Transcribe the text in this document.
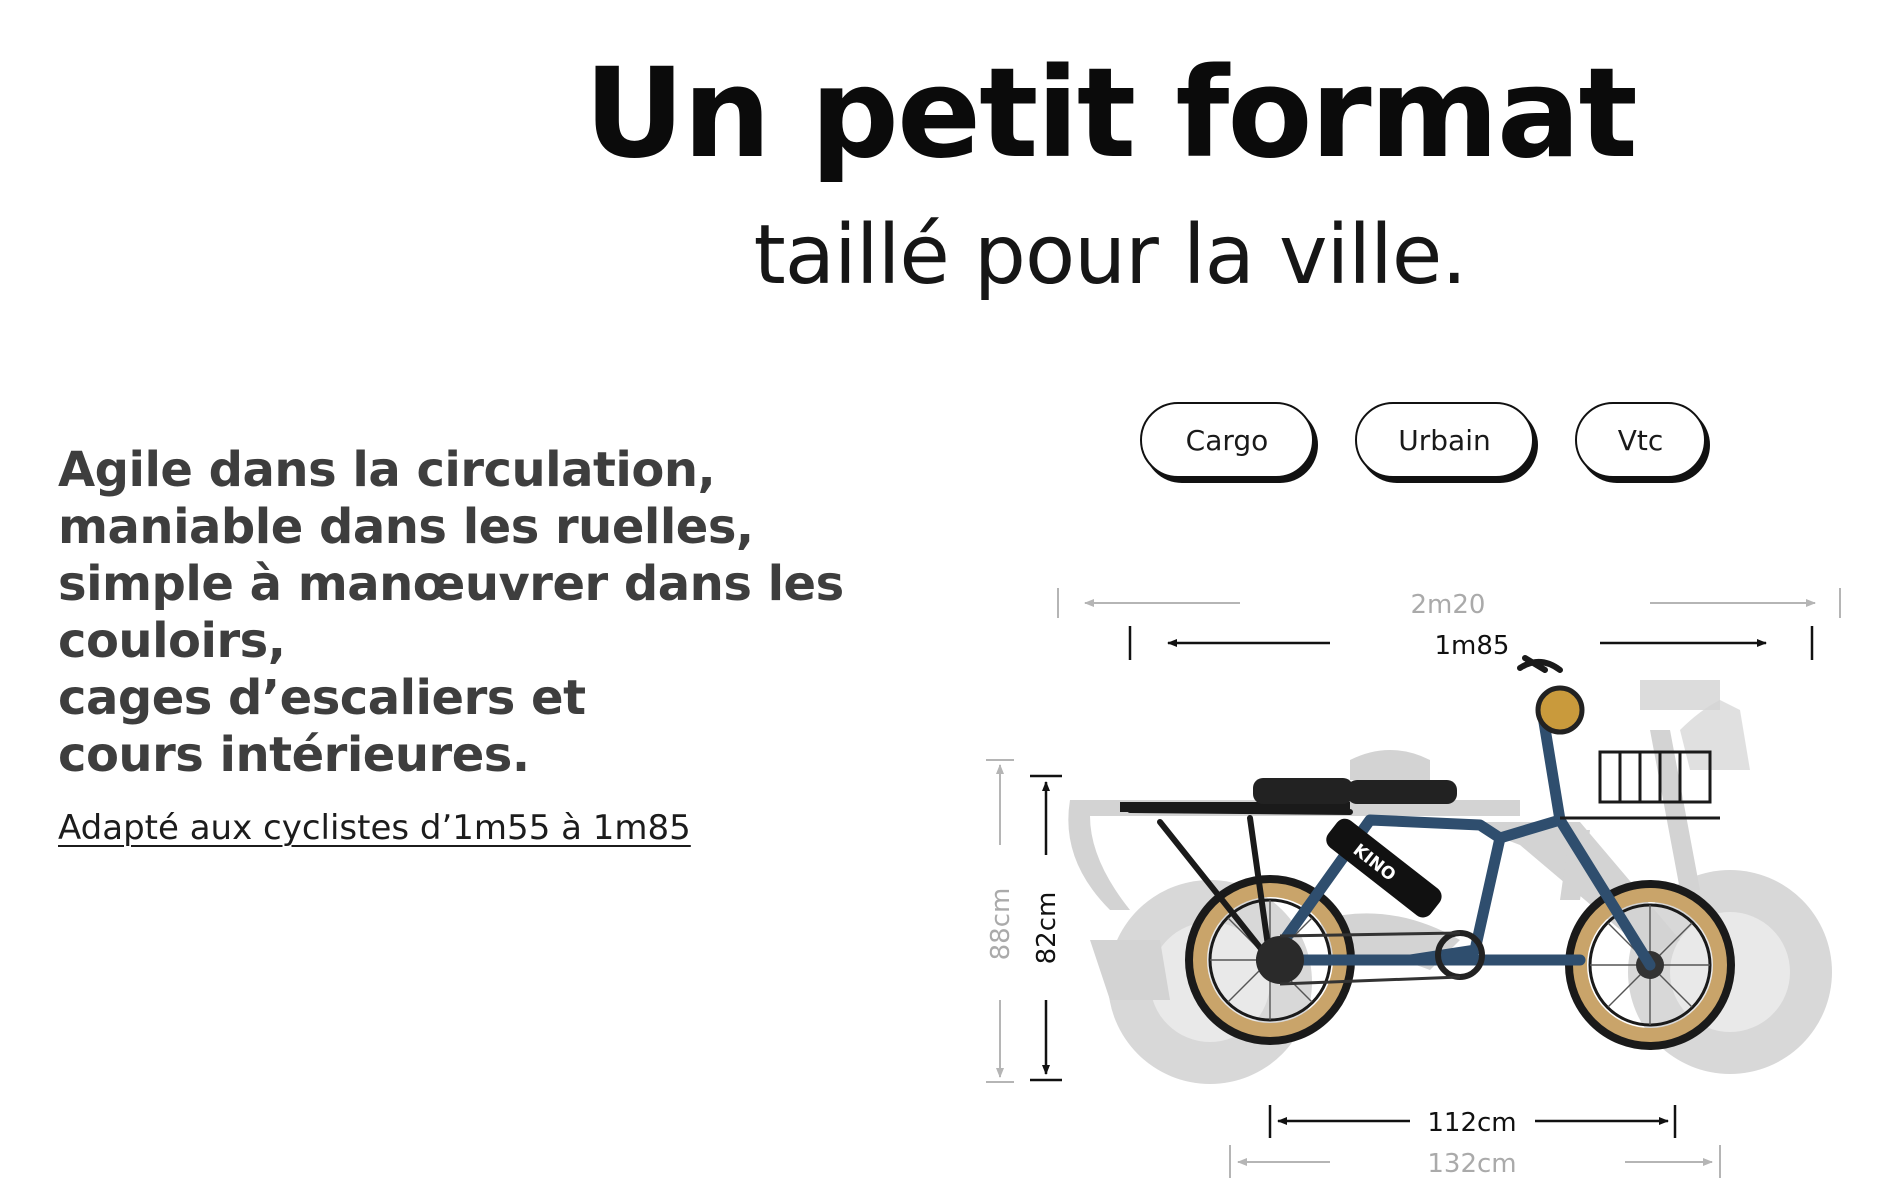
Un petit format
taillé pour la ville.
Agile dans la circulation,
maniable dans les ruelles,
simple à manœuvrer dans les
couloirs,
cages d’escaliers et
cours intérieures.
Adapté aux cyclistes d’1m55 à 1m85
Cargo	Urbain	Vtc
KINO
2m20
1m85
88cm 82cm
112cm
132cm
